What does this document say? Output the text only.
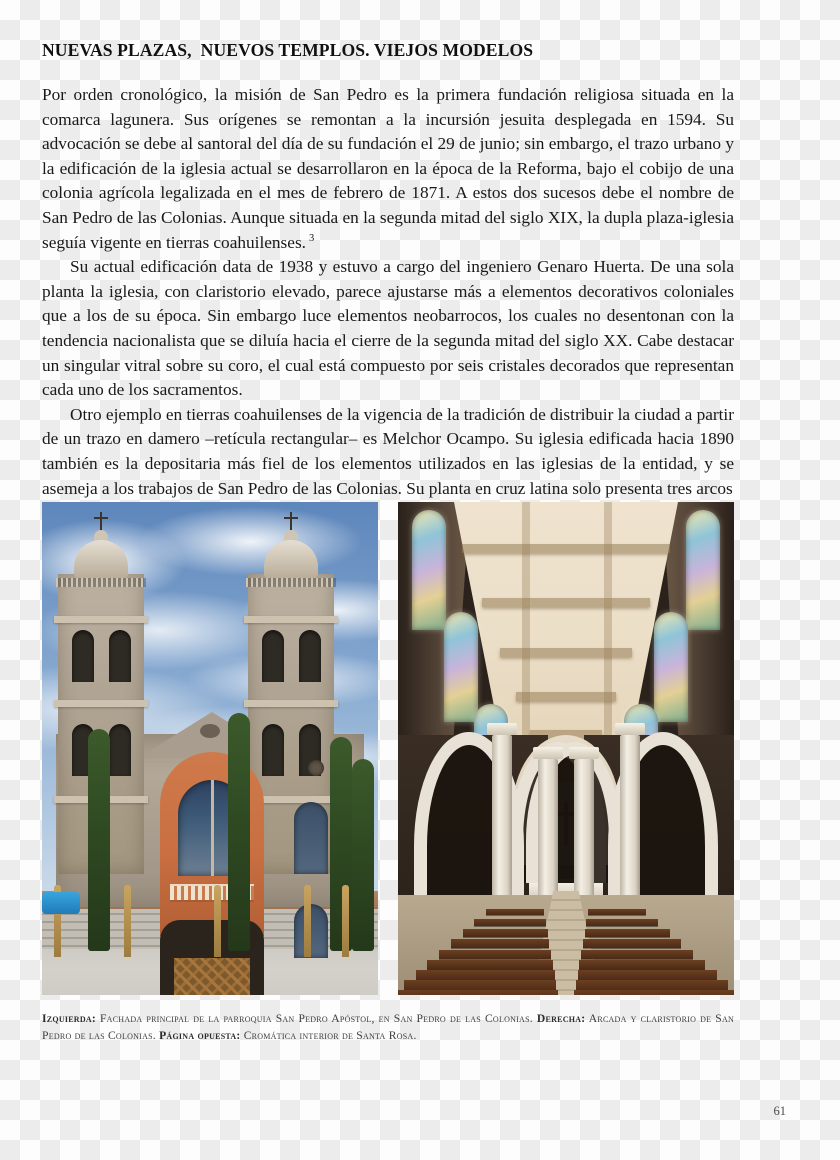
NUEVAS PLAZAS,  NUEVOS TEMPLOS. VIEJOS MODELOS

Por orden cronológico, la misión de San Pedro es la primera fundación religiosa situada en la comarca lagunera. Sus orígenes se remontan a la incursión jesuita desplegada en 1594. Su advocación se debe al santoral del día de su fundación el 29 de junio; sin embargo, el trazo urbano y la edificación de la iglesia actual se desarrollaron en la época de la Reforma, bajo el cobijo de una colonia agrícola legalizada en el mes de febrero de 1871. A estos dos sucesos debe el nombre de San Pedro de las Colonias. Aunque situada en la segunda mitad del siglo XIX, la dupla plaza-iglesia seguía vigente en tierras coahuilenses. $^3$

Su actual edificación data de 1938 y estuvo a cargo del ingeniero Genaro Huerta. De una sola planta la iglesia, con claristorio elevado, parece ajustarse más a elementos decorativos coloniales que a los de su época. Sin embargo luce elementos neobarrocos, los cuales no desentonan con la tendencia nacionalista que se diluía hacia el cierre de la segunda mitad del siglo XX. Cabe destacar un singular vitral sobre su coro, el cual está compuesto por seis cristales decorados que representan cada uno de los sacramentos.

Otro ejemplo en tierras coahuilenses de la vigencia de la tradición de distribuir la ciudad a partir de un trazo en damero –retícula rectangular– es Melchor Ocampo. Su iglesia edificada hacia 1890 también es la depositaria más fiel de los elementos utilizados en las iglesias de la entidad, y se asemeja a los trabajos de San Pedro de las Colonias. Su planta en cruz latina solo presenta tres arcos

Izquierda: Fachada principal de la parroquia San Pedro Apóstol, en San Pedro de las Colonias. Derecha: Arcada y claristorio de San Pedro de las Colonias. Página opuesta: Cromática interior de Santa Rosa.
61
